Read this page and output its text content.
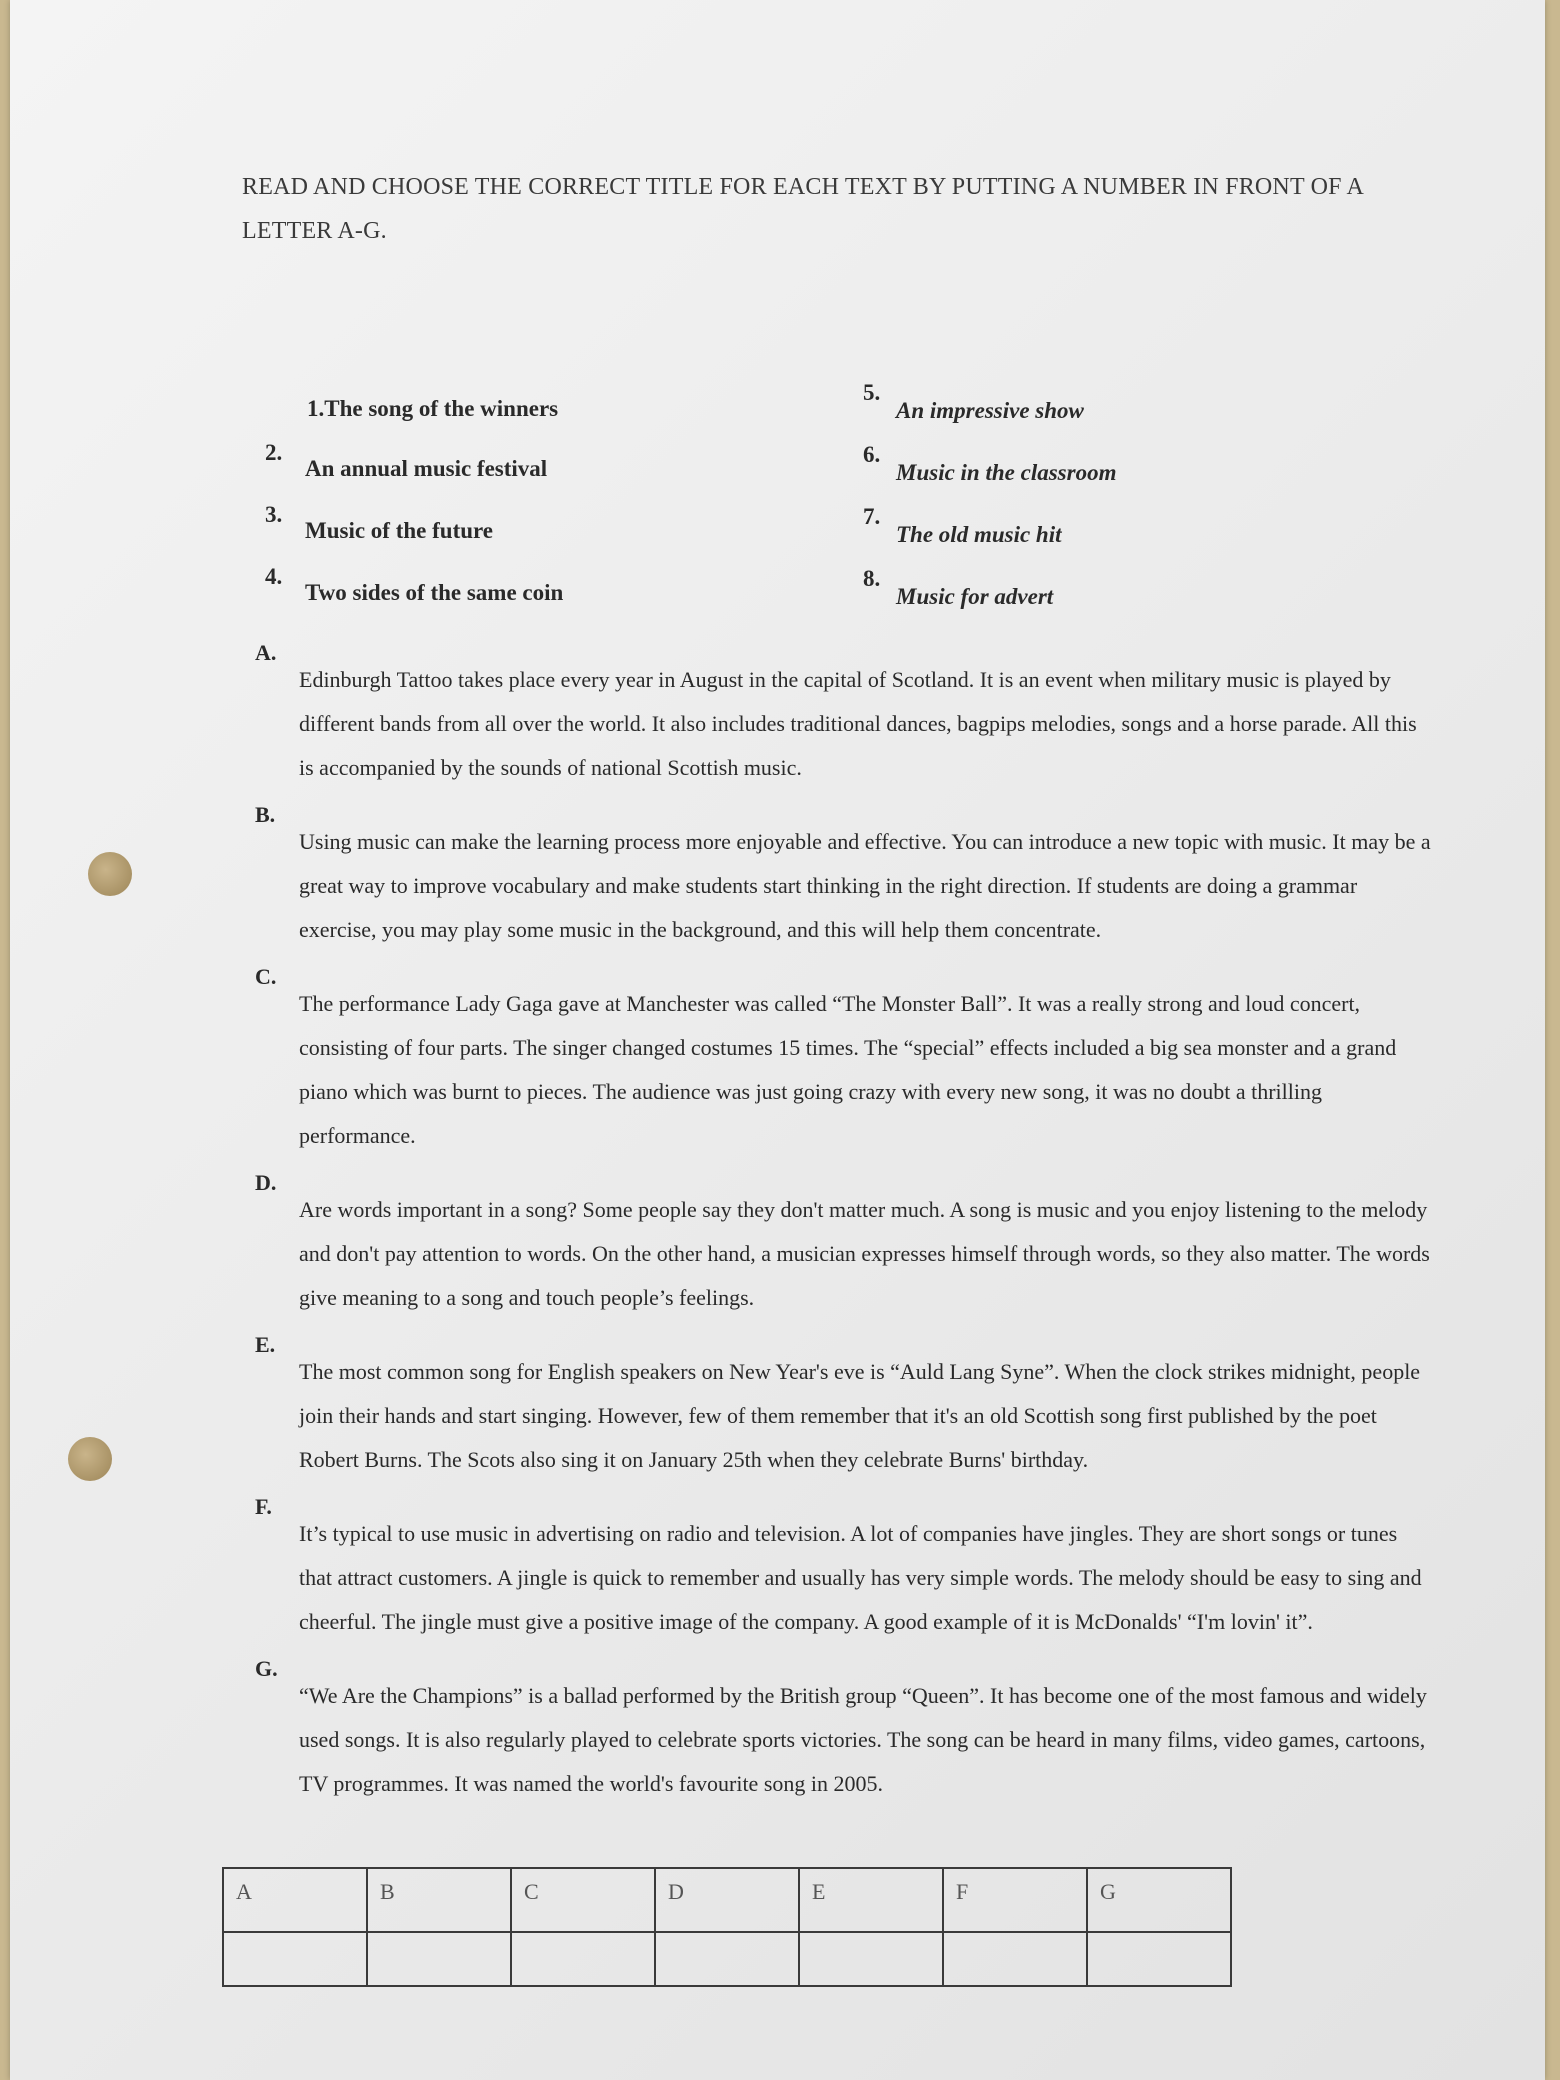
READ AND CHOOSE THE CORRECT TITLE FOR EACH TEXT BY PUTTING A NUMBER IN FRONT OF A LETTER A-G.
1.The song of the winners
2.
An annual music festival
3.
Music of the future
4.
Two sides of the same coin
5.
An impressive show
6.
Music in the classroom
7.
The old music hit
8.
Music for advert
A.
Edinburgh Tattoo takes place every year in August in the capital of Scotland. It is an event when military music is played by different bands from all over the world. It also includes traditional dances, bagpips melodies, songs and a horse parade. All this is accompanied by the sounds of national Scottish music.
B.
Using music can make the learning process more enjoyable and effective. You can introduce a new topic with music. It may be a great way to improve vocabulary and make students start thinking in the right direction. If students are doing a grammar exercise, you may play some music in the background, and this will help them concentrate.
C.
The performance Lady Gaga gave at Manchester was called “The Monster Ball”. It was a really strong and loud concert, consisting of four parts. The singer changed costumes 15 times. The “special” effects included a big sea monster and a grand piano which was burnt to pieces. The audience was just going crazy with every new song, it was no doubt a thrilling performance.
D.
Are words important in a song? Some people say they don't matter much. A song is music and you enjoy listening to the melody and don't pay attention to words. On the other hand, a musician expresses himself through words, so they also matter. The words give meaning to a song and touch people’s feelings.
E.
The most common song for English speakers on New Year's eve is “Auld Lang Syne”. When the clock strikes midnight, people join their hands and start singing. However, few of them remember that it's an old Scottish song first published by the poet Robert Burns. The Scots also sing it on January 25th when they celebrate Burns' birthday.
F.
It’s typical to use music in advertising on radio and television. A lot of companies have jingles. They are short songs or tunes that attract customers. A jingle is quick to remember and usually has very simple words. The melody should be easy to sing and cheerful. The jingle must give a positive image of the company. A good example of it is McDonalds' “I'm lovin' it”.
G.
“We Are the Champions” is a ballad performed by the British group “Queen”. It has become one of the most famous and widely used songs. It is also regularly played to celebrate sports victories. The song can be heard in many films, video games, cartoons, TV programmes. It was named the world's favourite song in 2005.
A	B	C	D	E	F	G
